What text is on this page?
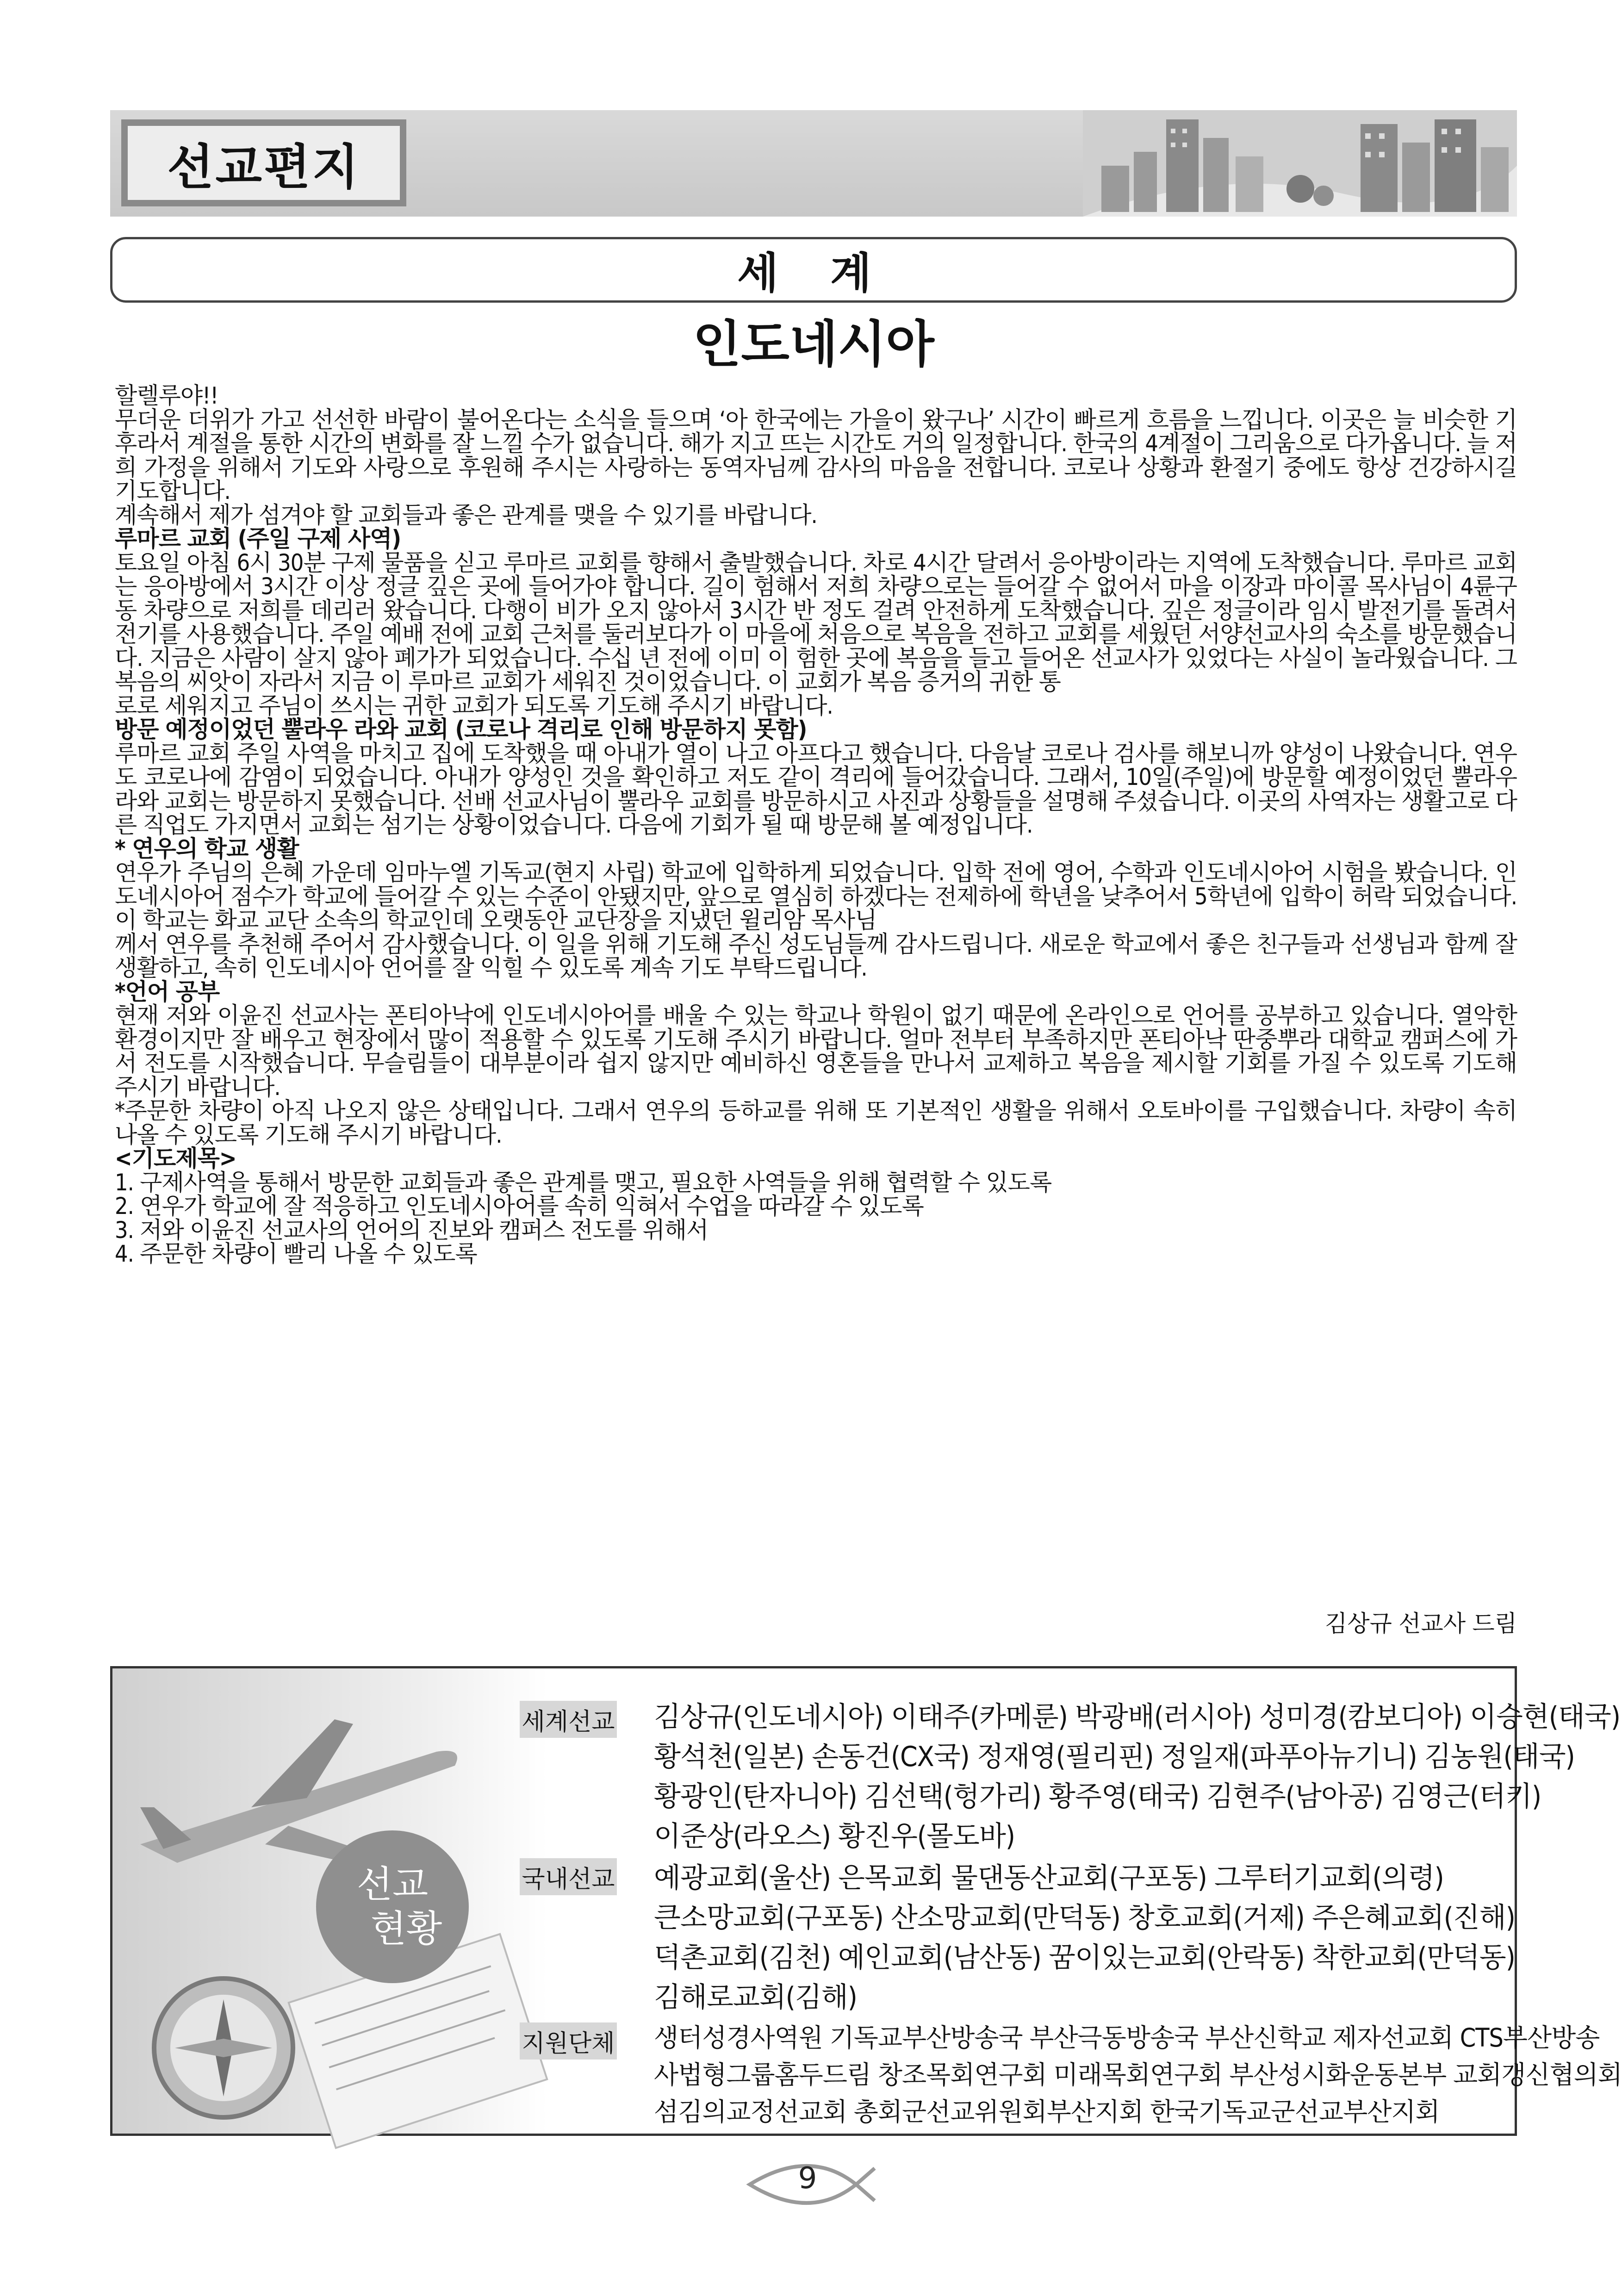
선교편지
세 계
인도네시아

할렐루야!!

무더운 더위가 가고 선선한 바람이 불어온다는 소식을 들으며 ‘아 한국에는 가을이 왔구나’ 시간이 빠르게 흐름을 느낍니다. 이곳은 늘 비슷한 기후라서 계절을 통한 시간의 변화를 잘 느낄 수가 없습니다. 해가 지고 뜨는 시간도 거의 일정합니다. 한국의 4계절이 그리움으로 다가옵니다. 늘 저희 가정을 위해서 기도와 사랑으로 후원해 주시는 사랑하는 동역자님께 감사의 마음을 전합니다. 코로나 상황과 환절기 중에도 항상 건강하시길 기도합니다.

계속해서 제가 섬겨야 할 교회들과 좋은 관계를 맺을 수 있기를 바랍니다.

루마르 교회 (주일 구제 사역)

토요일 아침 6시 30분 구제 물품을 싣고 루마르 교회를 향해서 출발했습니다. 차로 4시간 달려서 응아방이라는 지역에 도착했습니다. 루마르 교회는 응아방에서 3시간 이상 정글 깊은 곳에 들어가야 합니다. 길이 험해서 저희 차량으로는 들어갈 수 없어서 마을 이장과 마이콜 목사님이 4륜구동 차량으로 저희를 데리러 왔습니다. 다행이 비가 오지 않아서 3시간 반 정도 걸려 안전하게 도착했습니다. 깊은 정글이라 임시 발전기를 돌려서 전기를 사용했습니다. 주일 예배 전에 교회 근처를 둘러보다가 이 마을에 처음으로 복음을 전하고 교회를 세웠던 서양선교사의 숙소를 방문했습니다. 지금은 사람이 살지 않아 폐가가 되었습니다. 수십 년 전에 이미 이 험한 곳에 복음을 들고 들어온 선교사가 있었다는 사실이 놀라웠습니다. 그 복음의 씨앗이 자라서 지금 이 루마르 교회가 세워진 것이었습니다. 이 교회가 복음 증거의 귀한 통

로로 세워지고 주님이 쓰시는 귀한 교회가 되도록 기도해 주시기 바랍니다.

방문 예정이었던 뿔라우 라와 교회 (코로나 격리로 인해 방문하지 못함)

루마르 교회 주일 사역을 마치고 집에 도착했을 때 아내가 열이 나고 아프다고 했습니다. 다음날 코로나 검사를 해보니까 양성이 나왔습니다. 연우도 코로나에 감염이 되었습니다. 아내가 양성인 것을 확인하고 저도 같이 격리에 들어갔습니다. 그래서, 10일(주일)에 방문할 예정이었던 뿔라우 라와 교회는 방문하지 못했습니다. 선배 선교사님이 뿔라우 교회를 방문하시고 사진과 상황들을 설명해 주셨습니다. 이곳의 사역자는 생활고로 다른 직업도 가지면서 교회는 섬기는 상황이었습니다. 다음에 기회가 될 때 방문해 볼 예정입니다.

* 연우의 학교 생활

연우가 주님의 은혜 가운데 임마누엘 기독교(현지 사립) 학교에 입학하게 되었습니다. 입학 전에 영어, 수학과 인도네시아어 시험을 봤습니다. 인도네시아어 점수가 학교에 들어갈 수 있는 수준이 안됐지만, 앞으로 열심히 하겠다는 전제하에 학년을 낮추어서 5학년에 입학이 허락 되었습니다. 이 학교는 화교 교단 소속의 학교인데 오랫동안 교단장을 지냈던 윌리암 목사님

께서 연우를 추천해 주어서 감사했습니다. 이 일을 위해 기도해 주신 성도님들께 감사드립니다. 새로운 학교에서 좋은 친구들과 선생님과 함께 잘 생활하고, 속히 인도네시아 언어를 잘 익힐 수 있도록 계속 기도 부탁드립니다.

*언어 공부

현재 저와 이윤진 선교사는 폰티아낙에 인도네시아어를 배울 수 있는 학교나 학원이 없기 때문에 온라인으로 언어를 공부하고 있습니다. 열악한 환경이지만 잘 배우고 현장에서 많이 적용할 수 있도록 기도해 주시기 바랍니다. 얼마 전부터 부족하지만 폰티아낙 딴중뿌라 대학교 캠퍼스에 가서 전도를 시작했습니다. 무슬림들이 대부분이라 쉽지 않지만 예비하신 영혼들을 만나서 교제하고 복음을 제시할 기회를 가질 수 있도록 기도해 주시기 바랍니다.

*주문한 차량이 아직 나오지 않은 상태입니다. 그래서 연우의 등하교를 위해 또 기본적인 생활을 위해서 오토바이를 구입했습니다. 차량이 속히 나올 수 있도록 기도해 주시기 바랍니다.

<기도제목>

1. 구제사역을 통해서 방문한 교회들과 좋은 관계를 맺고, 필요한 사역들을 위해 협력할 수 있도록

2. 연우가 학교에 잘 적응하고 인도네시아어를 속히 익혀서 수업을 따라갈 수 있도록

3. 저와 이윤진 선교사의 언어의 진보와 캠퍼스 전도를 위해서

4. 주문한 차량이 빨리 나올 수 있도록

김상규 선교사 드림
선교
현황
세계선교 김상규(인도네시아) 이태주(카메룬) 박광배(러시아) 성미경(캄보디아) 이승현(태국)
황석천(일본) 손동건(CX국) 정재영(필리핀) 정일재(파푸아뉴기니) 김농원(태국)
황광인(탄자니아) 김선택(헝가리) 황주영(태국) 김현주(남아공) 김영근(터키)
이준상(라오스) 황진우(몰도바)
국내선교 예광교회(울산) 은목교회 물댄동산교회(구포동) 그루터기교회(의령)
큰소망교회(구포동) 산소망교회(만덕동) 창호교회(거제) 주은혜교회(진해)
덕촌교회(김천) 예인교회(남산동) 꿈이있는교회(안락동) 착한교회(만덕동)
김해로교회(김해)
지원단체 생터성경사역원 기독교부산방송국 부산극동방송국 부산신학교 제자선교회 CTS부산방송
사법형그룹홈두드림 창조목회연구회 미래목회연구회 부산성시화운동본부 교회갱신협의회
섬김의교정선교회 총회군선교위원회부산지회 한국기독교군선교부산지회
9
